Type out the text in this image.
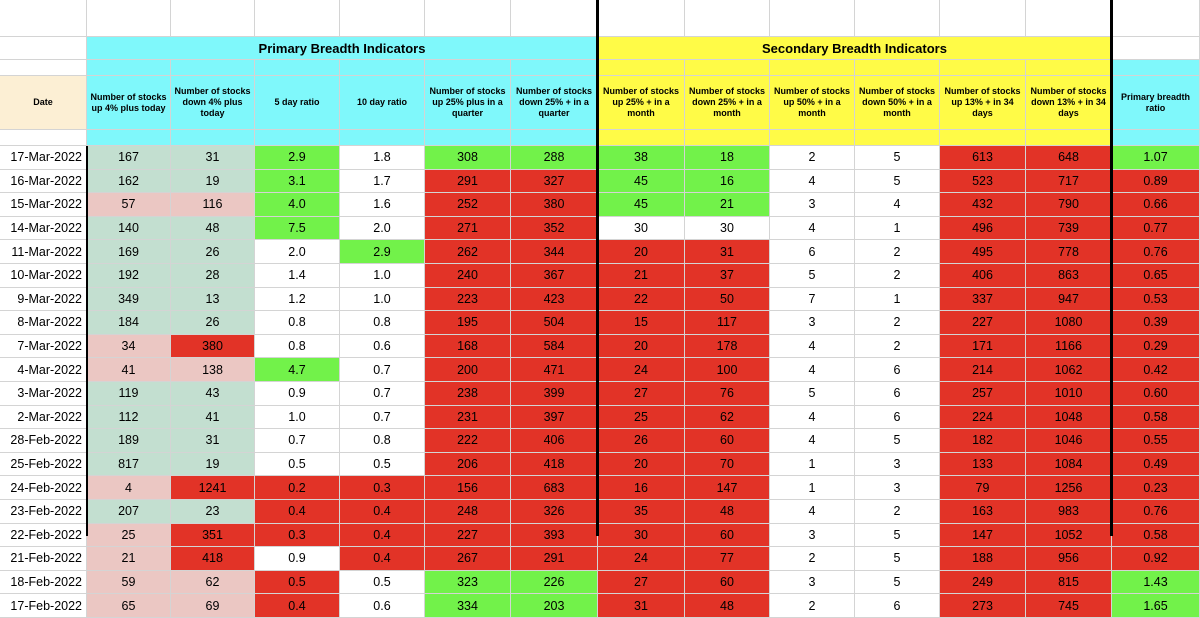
Primary Breadth Indicators	Secondary Breadth Indicators
Date
Number of stocks up 4% plus today
Number of stocks down 4% plus today
5 day ratio	10 day ratio
Number of stocks up 25% plus in a quarter
Number of stocks down 25% + in a quarter
Number of stocks up 25% + in a month
Number of stocks down 25% + in a month
Number of stocks up 50% + in a month
Number of stocks down 50% + in a month
Number of stocks up 13% + in 34 days
Number of stocks down 13% + in 34 days
Primary breadth ratio
17-Mar-2022	167	31	2.9	1.8	308	288	38	18	2	5	613	648	1.07
16-Mar-2022	162	19	3.1	1.7	291	327	45	16	4	5	523	717	0.89
15-Mar-2022	57	116	4.0	1.6	252	380	45	21	3	4	432	790	0.66
14-Mar-2022	140	48	7.5	2.0	271	352	30	30	4	1	496	739	0.77
11-Mar-2022	169	26	2.0	2.9	262	344	20	31	6	2	495	778	0.76
10-Mar-2022	192	28	1.4	1.0	240	367	21	37	5	2	406	863	0.65
9-Mar-2022	349	13	1.2	1.0	223	423	22	50	7	1	337	947	0.53
8-Mar-2022	184	26	0.8	0.8	195	504	15	117	3	2	227	1080	0.39
7-Mar-2022	34	380	0.8	0.6	168	584	20	178	4	2	171	1166	0.29
4-Mar-2022	41	138	4.7	0.7	200	471	24	100	4	6	214	1062	0.42
3-Mar-2022	119	43	0.9	0.7	238	399	27	76	5	6	257	1010	0.60
2-Mar-2022	112	41	1.0	0.7	231	397	25	62	4	6	224	1048	0.58
28-Feb-2022	189	31	0.7	0.8	222	406	26	60	4	5	182	1046	0.55
25-Feb-2022	817	19	0.5	0.5	206	418	20	70	1	3	133	1084	0.49
24-Feb-2022	4	1241	0.2	0.3	156	683	16	147	1	3	79	1256	0.23
23-Feb-2022	207	23	0.4	0.4	248	326	35	48	4	2	163	983	0.76
22-Feb-2022	25	351	0.3	0.4	227	393	30	60	3	5	147	1052	0.58
21-Feb-2022	21	418	0.9	0.4	267	291	24	77	2	5	188	956	0.92
18-Feb-2022	59	62	0.5	0.5	323	226	27	60	3	5	249	815	1.43
17-Feb-2022	65	69	0.4	0.6	334	203	31	48	2	6	273	745	1.65
